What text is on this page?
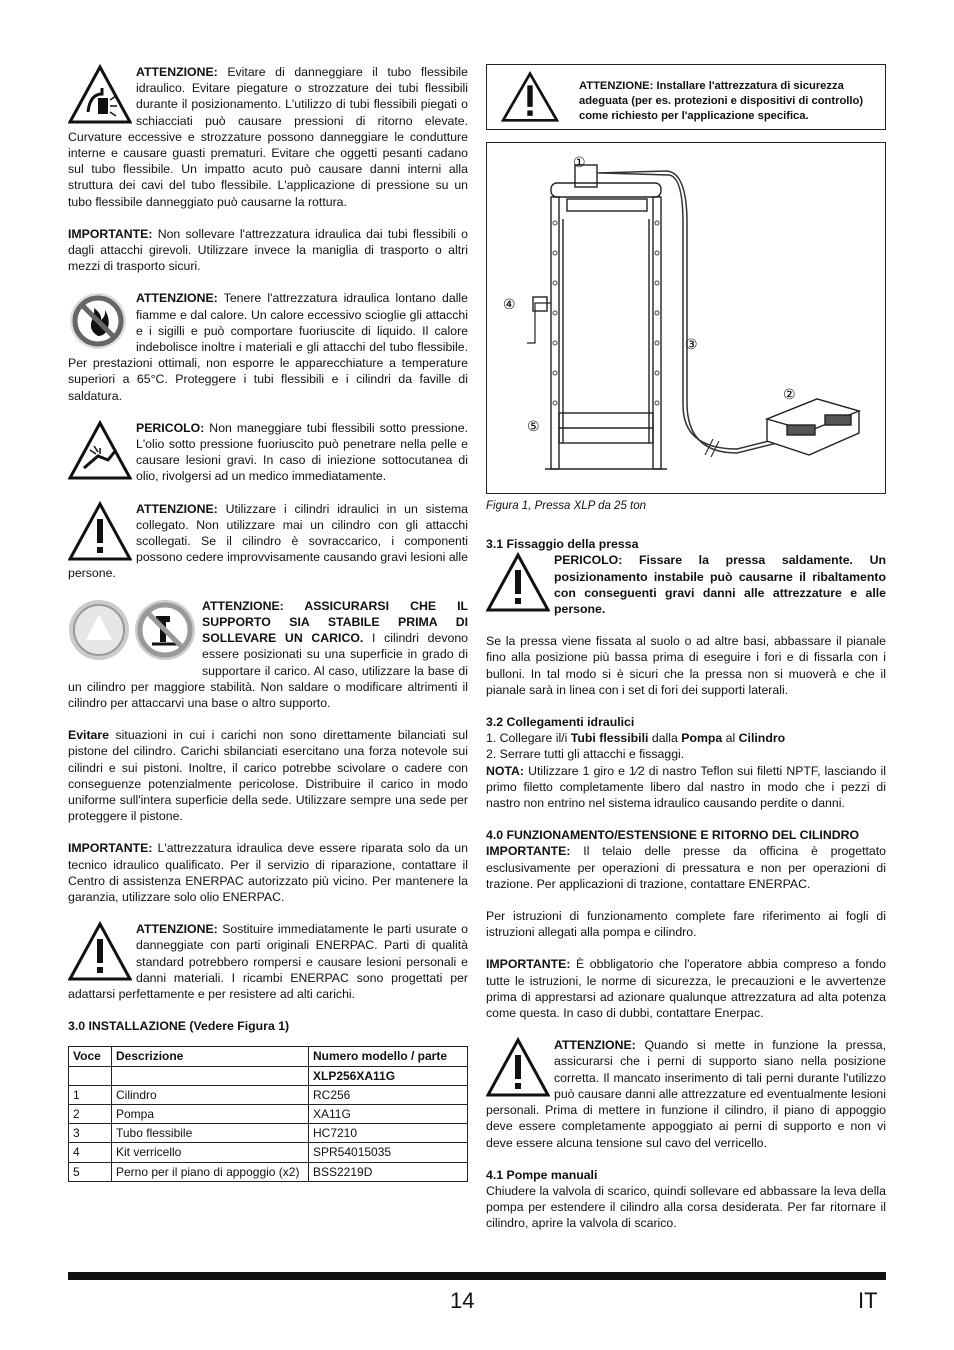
ATTENZIONE: Evitare di danneggiare il tubo flessibile idraulico. Evitare piegature o strozzature dei tubi flessibili durante il posizionamento. L'utilizzo di tubi flessibili piegati o schiacciati può causare pressioni di ritorno elevate. Curvature eccessive e strozzature possono danneggiare le condutture interne e causare guasti prematuri. Evitare che oggetti pesanti cadano sul tubo flessibile. Un impatto acuto può causare danni interni alla struttura dei cavi del tubo flessibile. L'applicazione di pressione su un tubo flessibile danneggiato può causarne la rottura.

IMPORTANTE: Non sollevare l'attrezzatura idraulica dai tubi flessibili o dagli attacchi girevoli. Utilizzare invece la maniglia di trasporto o altri mezzi di trasporto sicuri.

ATTENZIONE: Tenere l'attrezzatura idraulica lontano dalle fiamme e dal calore. Un calore eccessivo scioglie gli attacchi e i sigilli e può comportare fuoriuscite di liquido. Il calore indebolisce inoltre i materiali e gli attacchi del tubo flessibile. Per prestazioni ottimali, non esporre le apparecchiature a temperature superiori a 65°C. Proteggere i tubi flessibili e i cilindri da faville di saldatura.

PERICOLO: Non maneggiare tubi flessibili sotto pressione. L'olio sotto pressione fuoriuscito può penetrare nella pelle e causare lesioni gravi. In caso di iniezione sottocutanea di olio, rivolgersi ad un medico immediatamente.

ATTENZIONE: Utilizzare i cilindri idraulici in un sistema collegato. Non utilizzare mai un cilindro con gli attacchi scollegati. Se il cilindro è sovraccarico, i componenti possono cedere improvvisamente causando gravi lesioni alle persone.

ATTENZIONE: ASSICURARSI CHE IL SUPPORTO SIA STABILE PRIMA DI SOLLEVARE UN CARICO. I cilindri devono essere posizionati su una superficie in grado di supportare il carico. Al caso, utilizzare la base di un cilindro per maggiore stabilità. Non saldare o modificare altrimenti il cilindro per attaccarvi una base o altro supporto.

Evitare situazioni in cui i carichi non sono direttamente bilanciati sul pistone del cilindro. Carichi sbilanciati esercitano una forza notevole sui cilindri e sui pistoni. Inoltre, il carico potrebbe scivolare o cadere con conseguenze potenzialmente pericolose. Distribuire il carico in modo uniforme sull'intera superficie della sede. Utilizzare sempre una sede per proteggere il pistone.

IMPORTANTE: L'attrezzatura idraulica deve essere riparata solo da un tecnico idraulico qualificato. Per il servizio di riparazione, contattare il Centro di assistenza ENERPAC autorizzato più vicino. Per mantenere la garanzia, utilizzare solo olio ENERPAC.

ATTENZIONE: Sostituire immediatamente le parti usurate o danneggiate con parti originali ENERPAC. Parti di qualità standard potrebbero rompersi e causare lesioni personali e danni materiali. I ricambi ENERPAC sono progettati per adattarsi perfettamente e per resistere ad alti carichi.

3.0 INSTALLAZIONE (Vedere Figura 1)
Voce	Descrizione	Numero modello / parte
		XLP256XA11G
1	Cilindro	RC256
2	Pompa	XA11G
3	Tubo flessibile	HC7210
4	Kit verricello	SPR54015035
5	Perno per il piano di appoggio (x2)	BSS2219D
ATTENZIONE: Installare l'attrezzatura di sicurezza adeguata (per es. protezioni e dispositivi di controllo) come richiesto per l'applicazione specifica.
①
②
③
④
⑤
Figura 1, Pressa XLP da 25 ton
3.1 Fissaggio della pressa

PERICOLO: Fissare la pressa saldamente. Un posizionamento instabile può causarne il ribaltamento con conseguenti gravi danni alle attrezzature e alle persone.

Se la pressa viene fissata al suolo o ad altre basi, abbassare il pianale fino alla posizione più bassa prima di eseguire i fori e di fissarla con i bulloni. In tal modo si è sicuri che la pressa non si muoverà e che il pianale sarà in linea con i set di fori dei supporti laterali.

3.2 Collegamenti idraulici
1. Collegare il/i Tubi flessibili dalla Pompa al Cilindro
2. Serrare tutti gli attacchi e fissaggi.

NOTA: Utilizzare 1 giro e 1⁄2 di nastro Teflon sui filetti NPTF, lasciando il primo filetto completamente libero dal nastro in modo che i pezzi di nastro non entrino nel sistema idraulico causando perdite o danni.

4.0 FUNZIONAMENTO/ESTENSIONE E RITORNO DEL CILINDRO

IMPORTANTE: Il telaio delle presse da officina è progettato esclusivamente per operazioni di pressatura e non per operazioni di trazione. Per applicazioni di trazione, contattare ENERPAC.

Per istruzioni di funzionamento complete fare riferimento ai fogli di istruzioni allegati alla pompa e cilindro.

IMPORTANTE: È obbligatorio che l'operatore abbia compreso a fondo tutte le istruzioni, le norme di sicurezza, le precauzioni e le avvertenze prima di apprestarsi ad azionare qualunque attrezzatura ad alta potenza come questa. In caso di dubbi, contattare Enerpac.

ATTENZIONE: Quando si mette in funzione la pressa, assicurarsi che i perni di supporto siano nella posizione corretta. Il mancato inserimento di tali perni durante l'utilizzo può causare danni alle attrezzature ed eventualmente lesioni personali. Prima di mettere in funzione il cilindro, il piano di appoggio deve essere completamente appoggiato ai perni di supporto e non vi deve essere alcuna tensione sul cavo del verricello.

4.1 Pompe manuali

Chiudere la valvola di scarico, quindi sollevare ed abbassare la leva della pompa per estendere il cilindro alla corsa desiderata. Per far ritornare il cilindro, aprire la valvola di scarico.

14	IT
